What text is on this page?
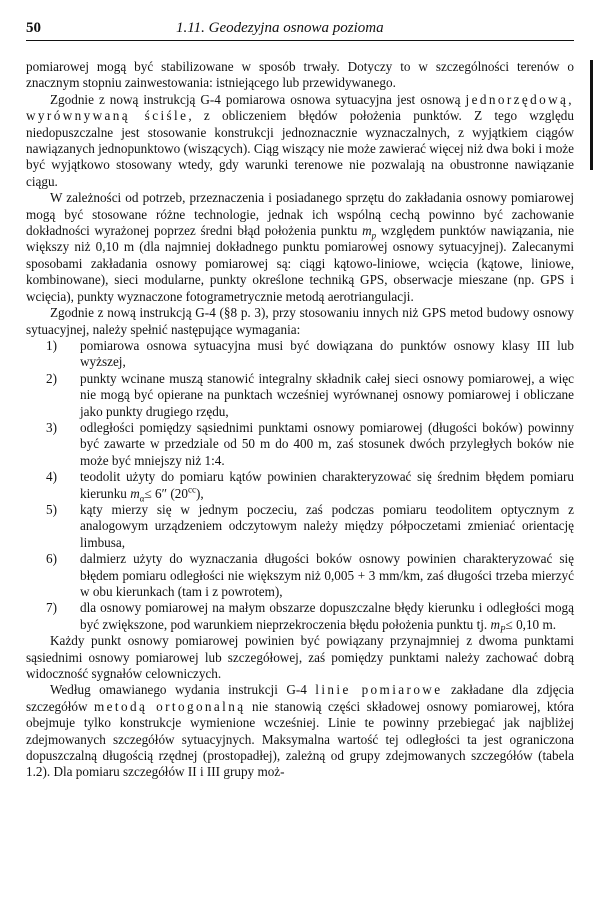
50	1.11. Geodezyjna osnowa pozioma

pomiarowej mogą być stabilizowane w sposób trwały. Dotyczy to w szczególności terenów o znacznym stopniu zainwestowania: istniejącego lub przewidywanego.

Zgodnie z nową instrukcją G-4 pomiarowa osnowa sytuacyjna jest osnową jednorzędową, wyrównywaną ściśle, z obliczeniem błędów położenia punktów. Z tego względu niedopuszczalne jest stosowanie konstrukcji jednoznacznie wyznaczalnych, z wyjątkiem ciągów nawiązanych jednopunktowo (wiszących). Ciąg wiszący nie może zawierać więcej niż dwa boki i może być wyjątkowo stosowany wtedy, gdy warunki terenowe nie pozwalają na obustronne nawiązanie ciągu.

W zależności od potrzeb, przeznaczenia i posiadanego sprzętu do zakładania osnowy pomiarowej mogą być stosowane różne technologie, jednak ich wspólną cechą powinno być zachowanie dokładności wyrażonej poprzez średni błąd położenia punktu $m_p$ względem punktów nawiązania, nie większy niż 0,10 m (dla najmniej dokładnego punktu pomiarowej osnowy sytuacyjnej). Zalecanymi sposobami zakładania osnowy pomiarowej są: ciągi kątowo-liniowe, wcięcia (kątowe, liniowe, kombinowane), sieci modularne, punkty określone techniką GPS, obserwacje mieszane (np. GPS i wcięcia), punkty wyznaczone fotogrametrycznie metodą aerotriangulacji.

Zgodnie z nową instrukcją G-4 (§8 p. 3), przy stosowaniu innych niż GPS metod budowy osnowy sytuacyjnej, należy spełnić następujące wymagania:

1) pomiarowa osnowa sytuacyjna musi być dowiązana do punktów osnowy klasy III lub wyższej,
2) punkty wcinane muszą stanowić integralny składnik całej sieci osnowy pomiarowej, a więc nie mogą być opierane na punktach wcześniej wyrównanej osnowy pomiarowej i obliczane jako punkty drugiego rzędu,
3) odległości pomiędzy sąsiednimi punktami osnowy pomiarowej (długości boków) powinny być zawarte w przedziale od 50 m do 400 m, zaś stosunek dwóch przyległych boków nie może być mniejszy niż 1:4.
4) teodolit użyty do pomiaru kątów powinien charakteryzować się średnim błędem pomiaru kierunku $m_\alpha\le 6''$ $(20^{cc})$,
5) kąty mierzy się w jednym poczeciu, zaś podczas pomiaru teodolitem optycznym z analogowym urządzeniem odczytowym należy między półpoczetami zmieniać orientację limbusa,
6) dalmierz użyty do wyznaczania długości boków osnowy powinien charakteryzować się błędem pomiaru odległości nie większym niż 0,005 + 3 mm/km, zaś długości trzeba mierzyć w obu kierunkach (tam i z powrotem),
7) dla osnowy pomiarowej na małym obszarze dopuszczalne błędy kierunku i odległości mogą być zwiększone, pod warunkiem nieprzekroczenia błędu położenia punktu tj. $m_P\le 0,10$ m.

Każdy punkt osnowy pomiarowej powinien być powiązany przynajmniej z dwoma punktami sąsiednimi osnowy pomiarowej lub szczegółowej, zaś pomiędzy punktami należy zachować dobrą widoczność sygnałów celowniczych.

Według omawianego wydania instrukcji G-4 linie pomiarowe zakładane dla zdjęcia szczegółów metodą ortogonalną nie stanowią części składowej osnowy pomiarowej, która obejmuje tylko konstrukcje wymienione wcześniej. Linie te powinny przebiegać jak najbliżej zdejmowanych szczegółów sytuacyjnych. Maksymalna wartość tej odległości ta jest ograniczona dopuszczalną długością rzędnej (prostopadłej), zależną od grupy zdejmowanych szczegółów (tabela 1.2). Dla pomiaru szczegółów II i III grupy moż-
